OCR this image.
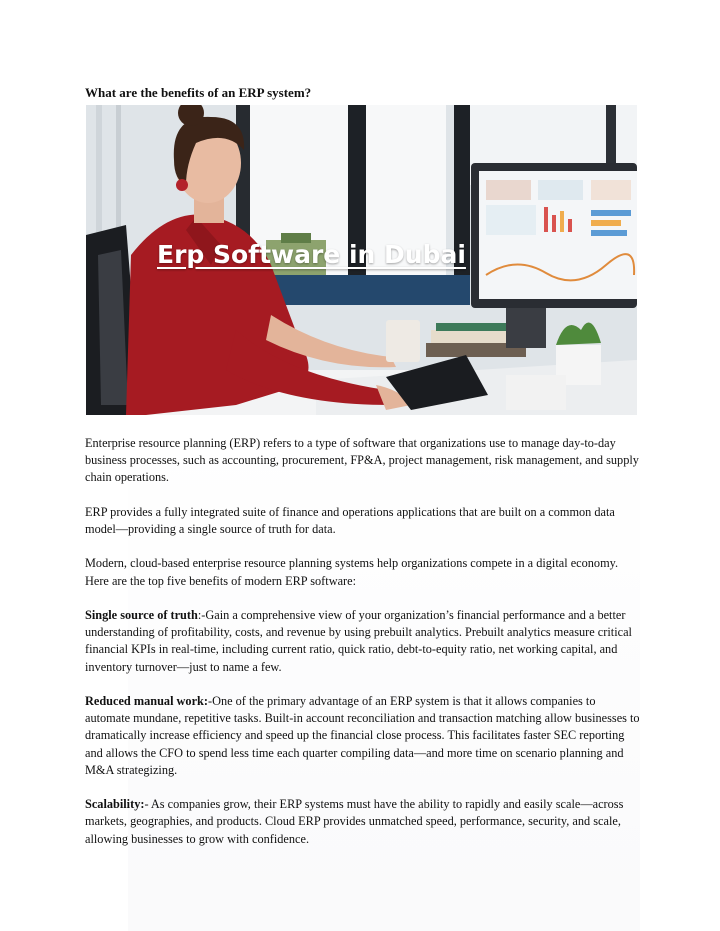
What are the benefits of an ERP system?
Erp Software in Dubai

Enterprise resource planning (ERP) refers to a type of software that organizations use to manage day-to-day business processes, such as accounting, procurement, FP&A, project management, risk management, and supply chain operations.

ERP provides a fully integrated suite of finance and operations applications that are built on a common data model—providing a single source of truth for data.

Modern, cloud-based enterprise resource planning systems help organizations compete in a digital economy. Here are the top five benefits of modern ERP software:

Single source of truth:-Gain a comprehensive view of your organization’s financial performance and a better understanding of profitability, costs, and revenue by using prebuilt analytics. Prebuilt analytics measure critical financial KPIs in real-time, including current ratio, quick ratio, debt-to-equity ratio, net working capital, and inventory turnover—just to name a few.

Reduced manual work:-One of the primary advantage of an ERP system is that it allows companies to automate mundane, repetitive tasks. Built-in account reconciliation and transaction matching allow businesses to dramatically increase efficiency and speed up the financial close process. This facilitates faster SEC reporting and allows the CFO to spend less time each quarter compiling data—and more time on scenario planning and M&A strategizing.

Scalability:- As companies grow, their ERP systems must have the ability to rapidly and easily scale—across markets, geographies, and products. Cloud ERP provides unmatched speed, performance, security, and scale, allowing businesses to grow with confidence.
